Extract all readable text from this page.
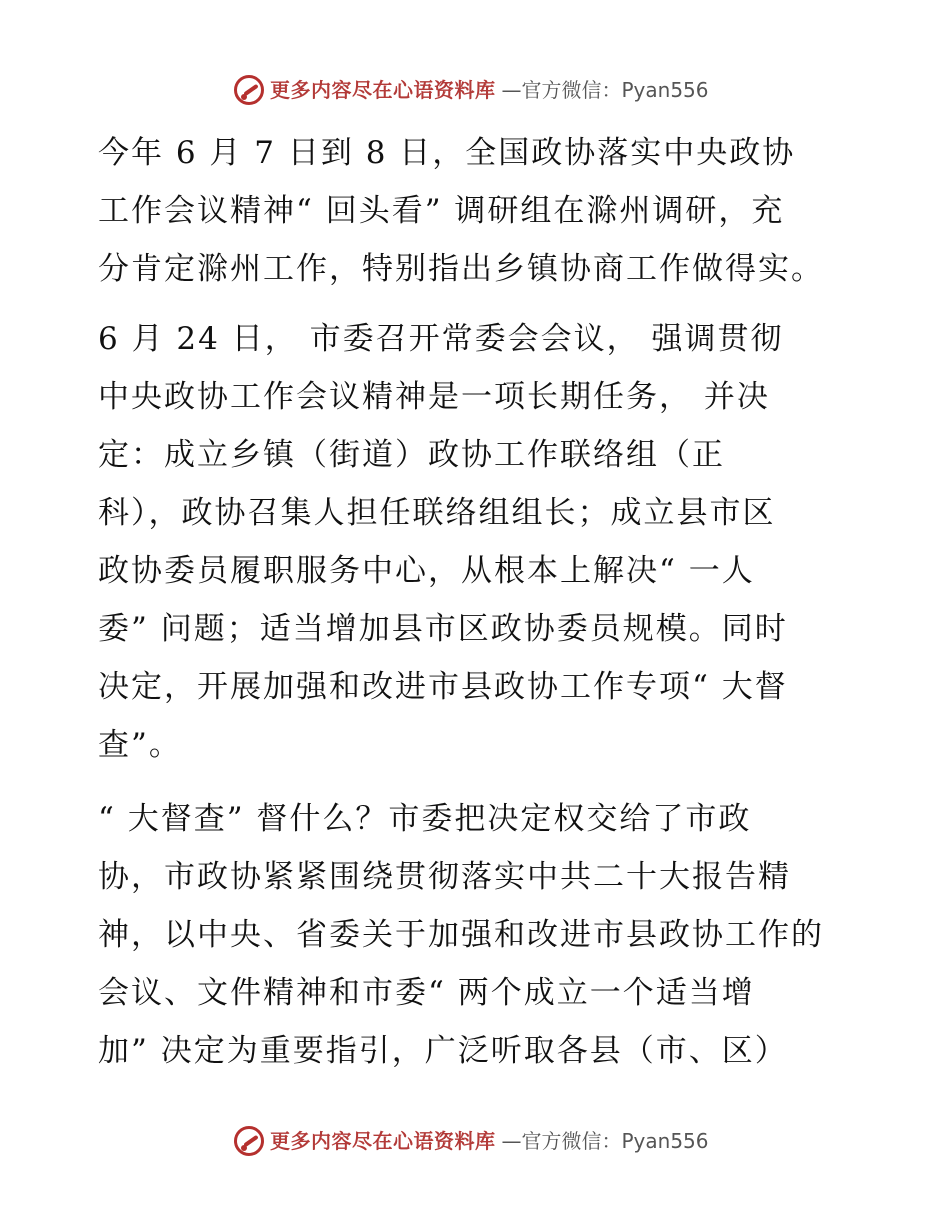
更多内容尽在心语资料库 —官方微信：Pyan556

今年 6 月 7 日到 8 日，全国政协落实中央政协
工作会议精神“ 回头看” 调研组在滁州调研，充
分肯定滁州工作，特别指出乡镇协商工作做得实。

6 月 24 日， 市委召开常委会会议， 强调贯彻
中央政协工作会议精神是一项长期任务， 并决
定：成立乡镇（街道）政协工作联络组（正
科），政协召集人担任联络组组长；成立县市区
政协委员履职服务中心，从根本上解决“ 一人
委” 问题；适当增加县市区政协委员规模。同时
决定，开展加强和改进市县政协工作专项“ 大督
查”。

“ 大督查” 督什么？市委把决定权交给了市政
协，市政协紧紧围绕贯彻落实中共二十大报告精
神，以中央、省委关于加强和改进市县政协工作的
会议、文件精神和市委“ 两个成立一个适当增
加” 决定为重要指引，广泛听取各县（市、区）

更多内容尽在心语资料库 —官方微信：Pyan556
